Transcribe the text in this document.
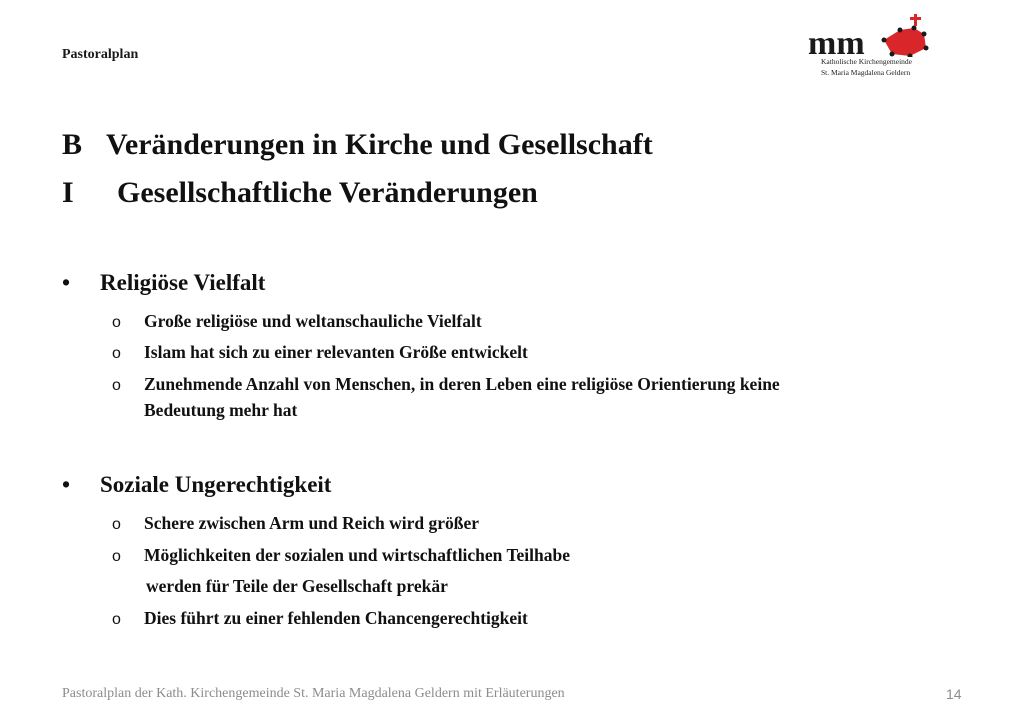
Pastoralplan	mm
Katholische Kirchengemeinde
St. Maria Magdalena Geldern
B Veränderungen in Kirche und Gesellschaft
I Gesellschaftliche Veränderungen
• Religiöse Vielfalt
o Große religiöse und weltanschauliche Vielfalt
o Islam hat sich zu einer relevanten Größe entwickelt
o Zunehmende Anzahl von Menschen, in deren Leben eine religiöse Orientierung keine
Bedeutung mehr hat
• Soziale Ungerechtigkeit
o Schere zwischen Arm und Reich wird größer
o Möglichkeiten der sozialen und wirtschaftlichen Teilhabe
werden für Teile der Gesellschaft prekär
o Dies führt zu einer fehlenden Chancengerechtigkeit
Pastoralplan der Kath. Kirchengemeinde St. Maria Magdalena Geldern mit Erläuterungen	14
